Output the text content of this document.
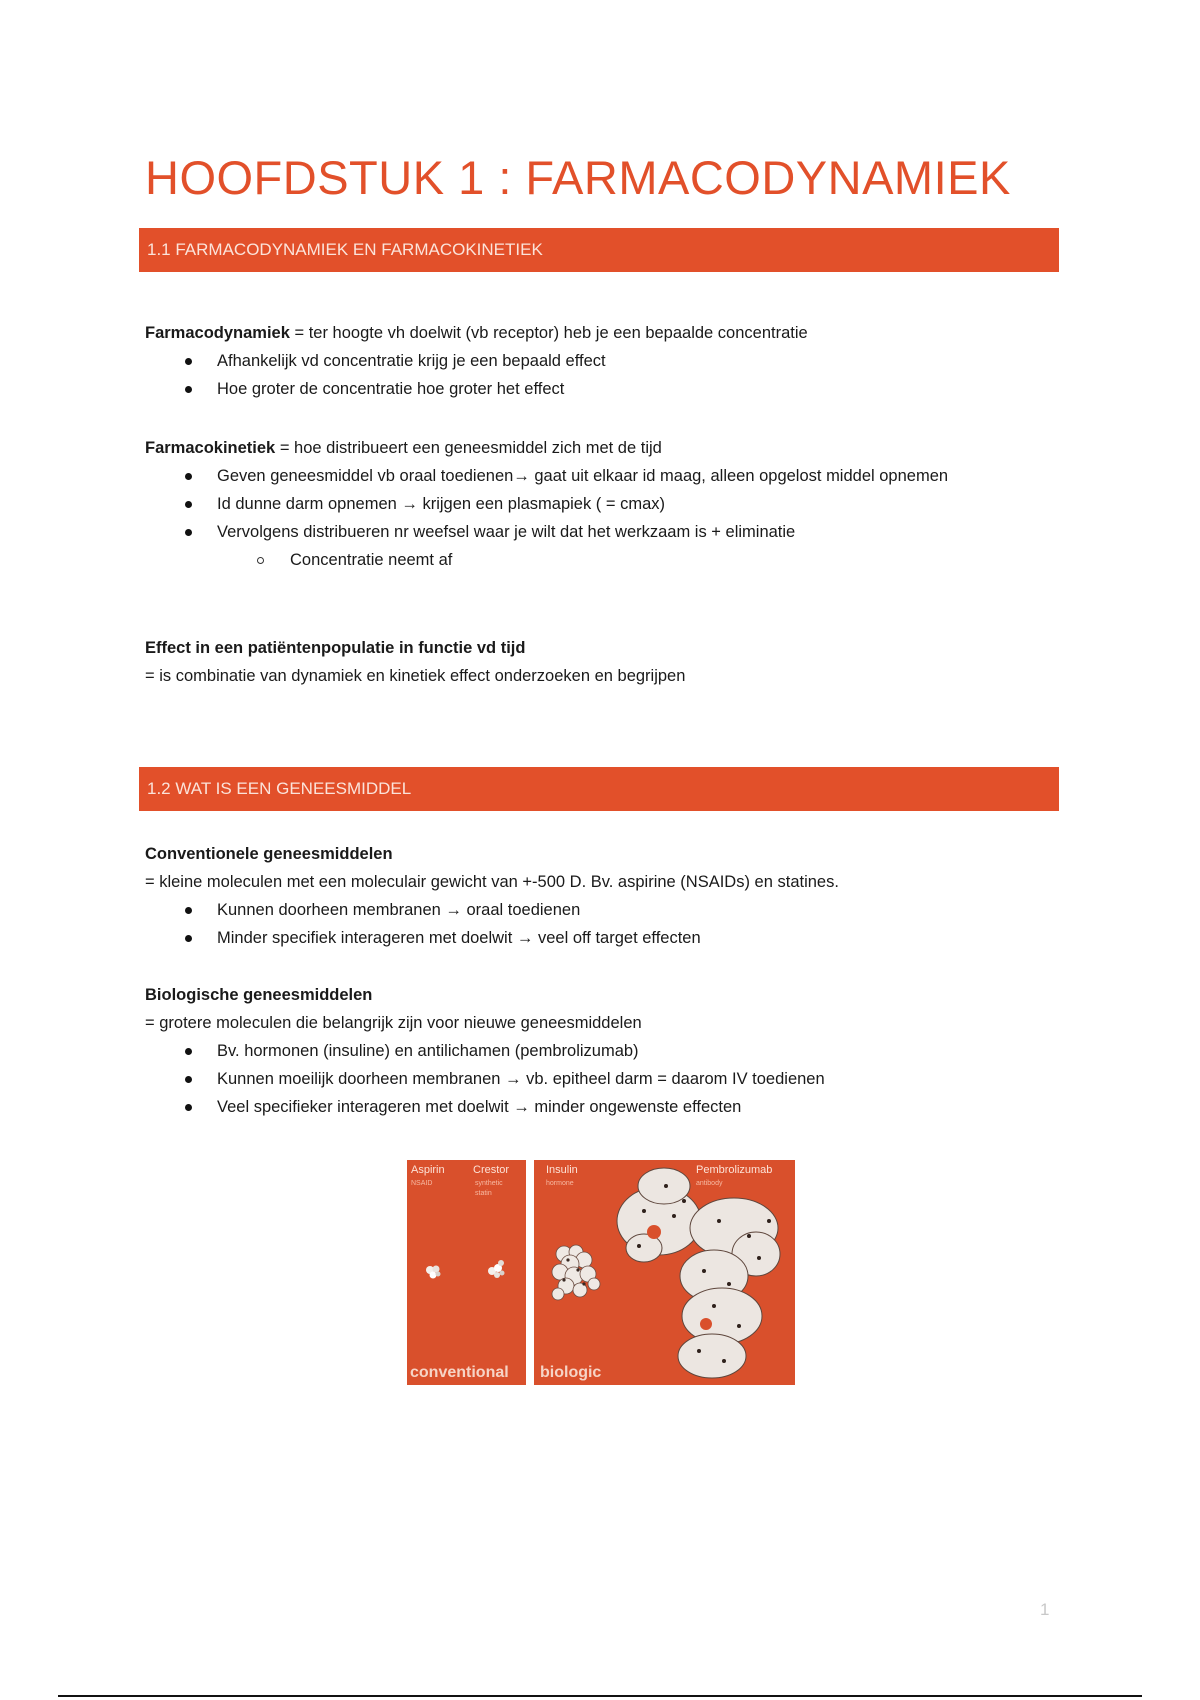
HOOFDSTUK 1 : FARMACODYNAMIEK
1.1 FARMACODYNAMIEK EN FARMACOKINETIEK
Farmacodynamiek = ter hoogte vh doelwit (vb receptor) heb je een bepaalde concentratie
Afhankelijk vd concentratie krijg je een bepaald effect
Hoe groter de concentratie hoe groter het effect
Farmacokinetiek = hoe distribueert een geneesmiddel zich met de tijd
Geven geneesmiddel vb oraal toedienen→ gaat uit elkaar id maag, alleen opgelost middel opnemen
Id dunne darm opnemen → krijgen een plasmapiek ( = cmax)
Vervolgens distribueren nr weefsel waar je wilt dat het werkzaam is + eliminatie
Concentratie neemt af
Effect in een patiëntenpopulatie in functie vd tijd
= is combinatie van dynamiek en kinetiek effect onderzoeken en begrijpen
1.2 WAT IS EEN GENEESMIDDEL
Conventionele geneesmiddelen
= kleine moleculen met een moleculair gewicht van +-500 D. Bv. aspirine (NSAIDs) en statines.
Kunnen doorheen membranen → oraal toedienen
Minder specifiek interageren met doelwit → veel off target effecten
Biologische geneesmiddelen
= grotere moleculen die belangrijk zijn voor nieuwe geneesmiddelen
Bv. hormonen (insuline) en antilichamen (pembrolizumab)
Kunnen moeilijk doorheen membranen → vb. epitheel darm = daarom IV toedienen
Veel specifieker interageren met doelwit → minder ongewenste effecten
Aspirin
NSAID
Crestor
synthetic
statin
conventional
Insulin
hormone
Pembrolizumab
antibody
biologic
1
